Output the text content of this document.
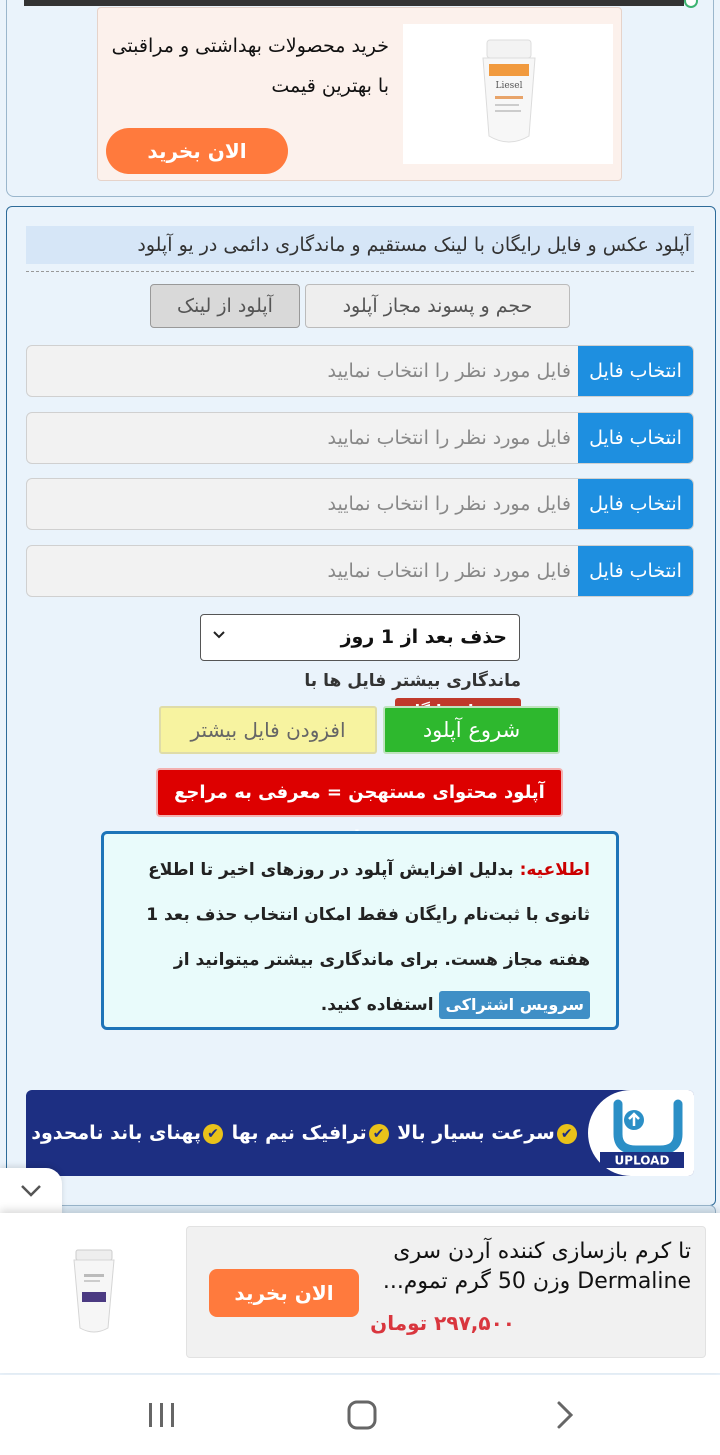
خرید محصولات بهداشتی و مراقبتی با بهترین قیمت	Liesel
الان بخرید
آپلود عکس و فایل رایگان با لینک مستقیم و ماندگاری دائمی در یو آپلود
حجم و پسوند مجاز آپلود
آپلود از لینک
انتخاب فایل
فایل مورد نظر را انتخاب نمایید
انتخاب فایل
فایل مورد نظر را انتخاب نمایید
انتخاب فایل
فایل مورد نظر را انتخاب نمایید
انتخاب فایل
فایل مورد نظر را انتخاب نمایید
حذف بعد از 1 روز
ماندگاری بیشتر فایل ها با
شروع آپلود
افزودن فایل بیشتر
آپلود محتوای مستهجن = معرفی به مراجع
اطلاعیه: بدلیل افزایش آپلود در روزهای اخیر تا اطلاع ثانوی با ثبت‌نام رایگان فقط امکان انتخاب حذف بعد 1 هفته مجاز هست. برای ماندگاری بیشتر میتوانید از سرویس اشتراکی استفاده کنید.
UPLOAD
✔سرعت بسیار بالا ✔ترافیک نیم بها ✔پهنای باند نامحدود
تا کرم بازسازی کننده آردن سری Dermaline وزن 50 گرم تموم...
۲۹۷,۵۰۰ تومان
الان بخرید
